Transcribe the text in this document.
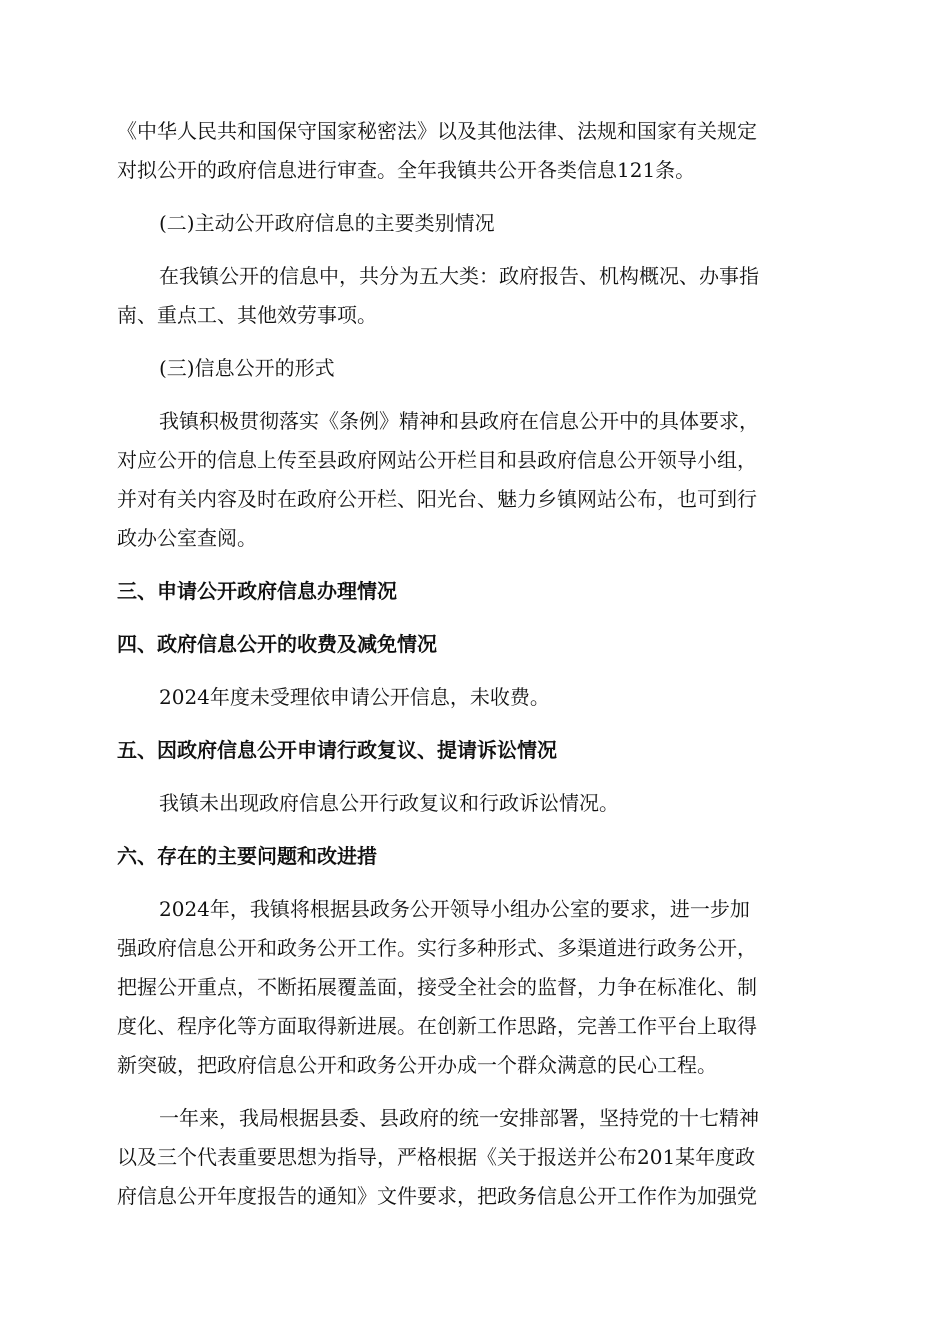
《中华人民共和国保守国家秘密法》以及其他法律、法规和国家有关规定
对拟公开的政府信息进行审查。全年我镇共公开各类信息121条。
(二)主动公开政府信息的主要类别情况
在我镇公开的信息中，共分为五大类：政府报告、机构概况、办事指
南、重点工、其他效劳事项。
(三)信息公开的形式
我镇积极贯彻落实《条例》精神和县政府在信息公开中的具体要求，
对应公开的信息上传至县政府网站公开栏目和县政府信息公开领导小组，
并对有关内容及时在政府公开栏、阳光台、魅力乡镇网站公布，也可到行
政办公室查阅。
三、申请公开政府信息办理情况
四、政府信息公开的收费及减免情况
2024年度未受理依申请公开信息，未收费。
五、因政府信息公开申请行政复议、提请诉讼情况
我镇未出现政府信息公开行政复议和行政诉讼情况。
六、存在的主要问题和改进措
2024年，我镇将根据县政务公开领导小组办公室的要求，进一步加
强政府信息公开和政务公开工作。实行多种形式、多渠道进行政务公开，
把握公开重点，不断拓展覆盖面，接受全社会的监督，力争在标准化、制
度化、程序化等方面取得新进展。在创新工作思路，完善工作平台上取得
新突破，把政府信息公开和政务公开办成一个群众满意的民心工程。
一年来，我局根据县委、县政府的统一安排部署，坚持党的十七精神
以及三个代表重要思想为指导，严格根据《关于报送并公布201某年度政
府信息公开年度报告的通知》文件要求，把政务信息公开工作作为加强党
